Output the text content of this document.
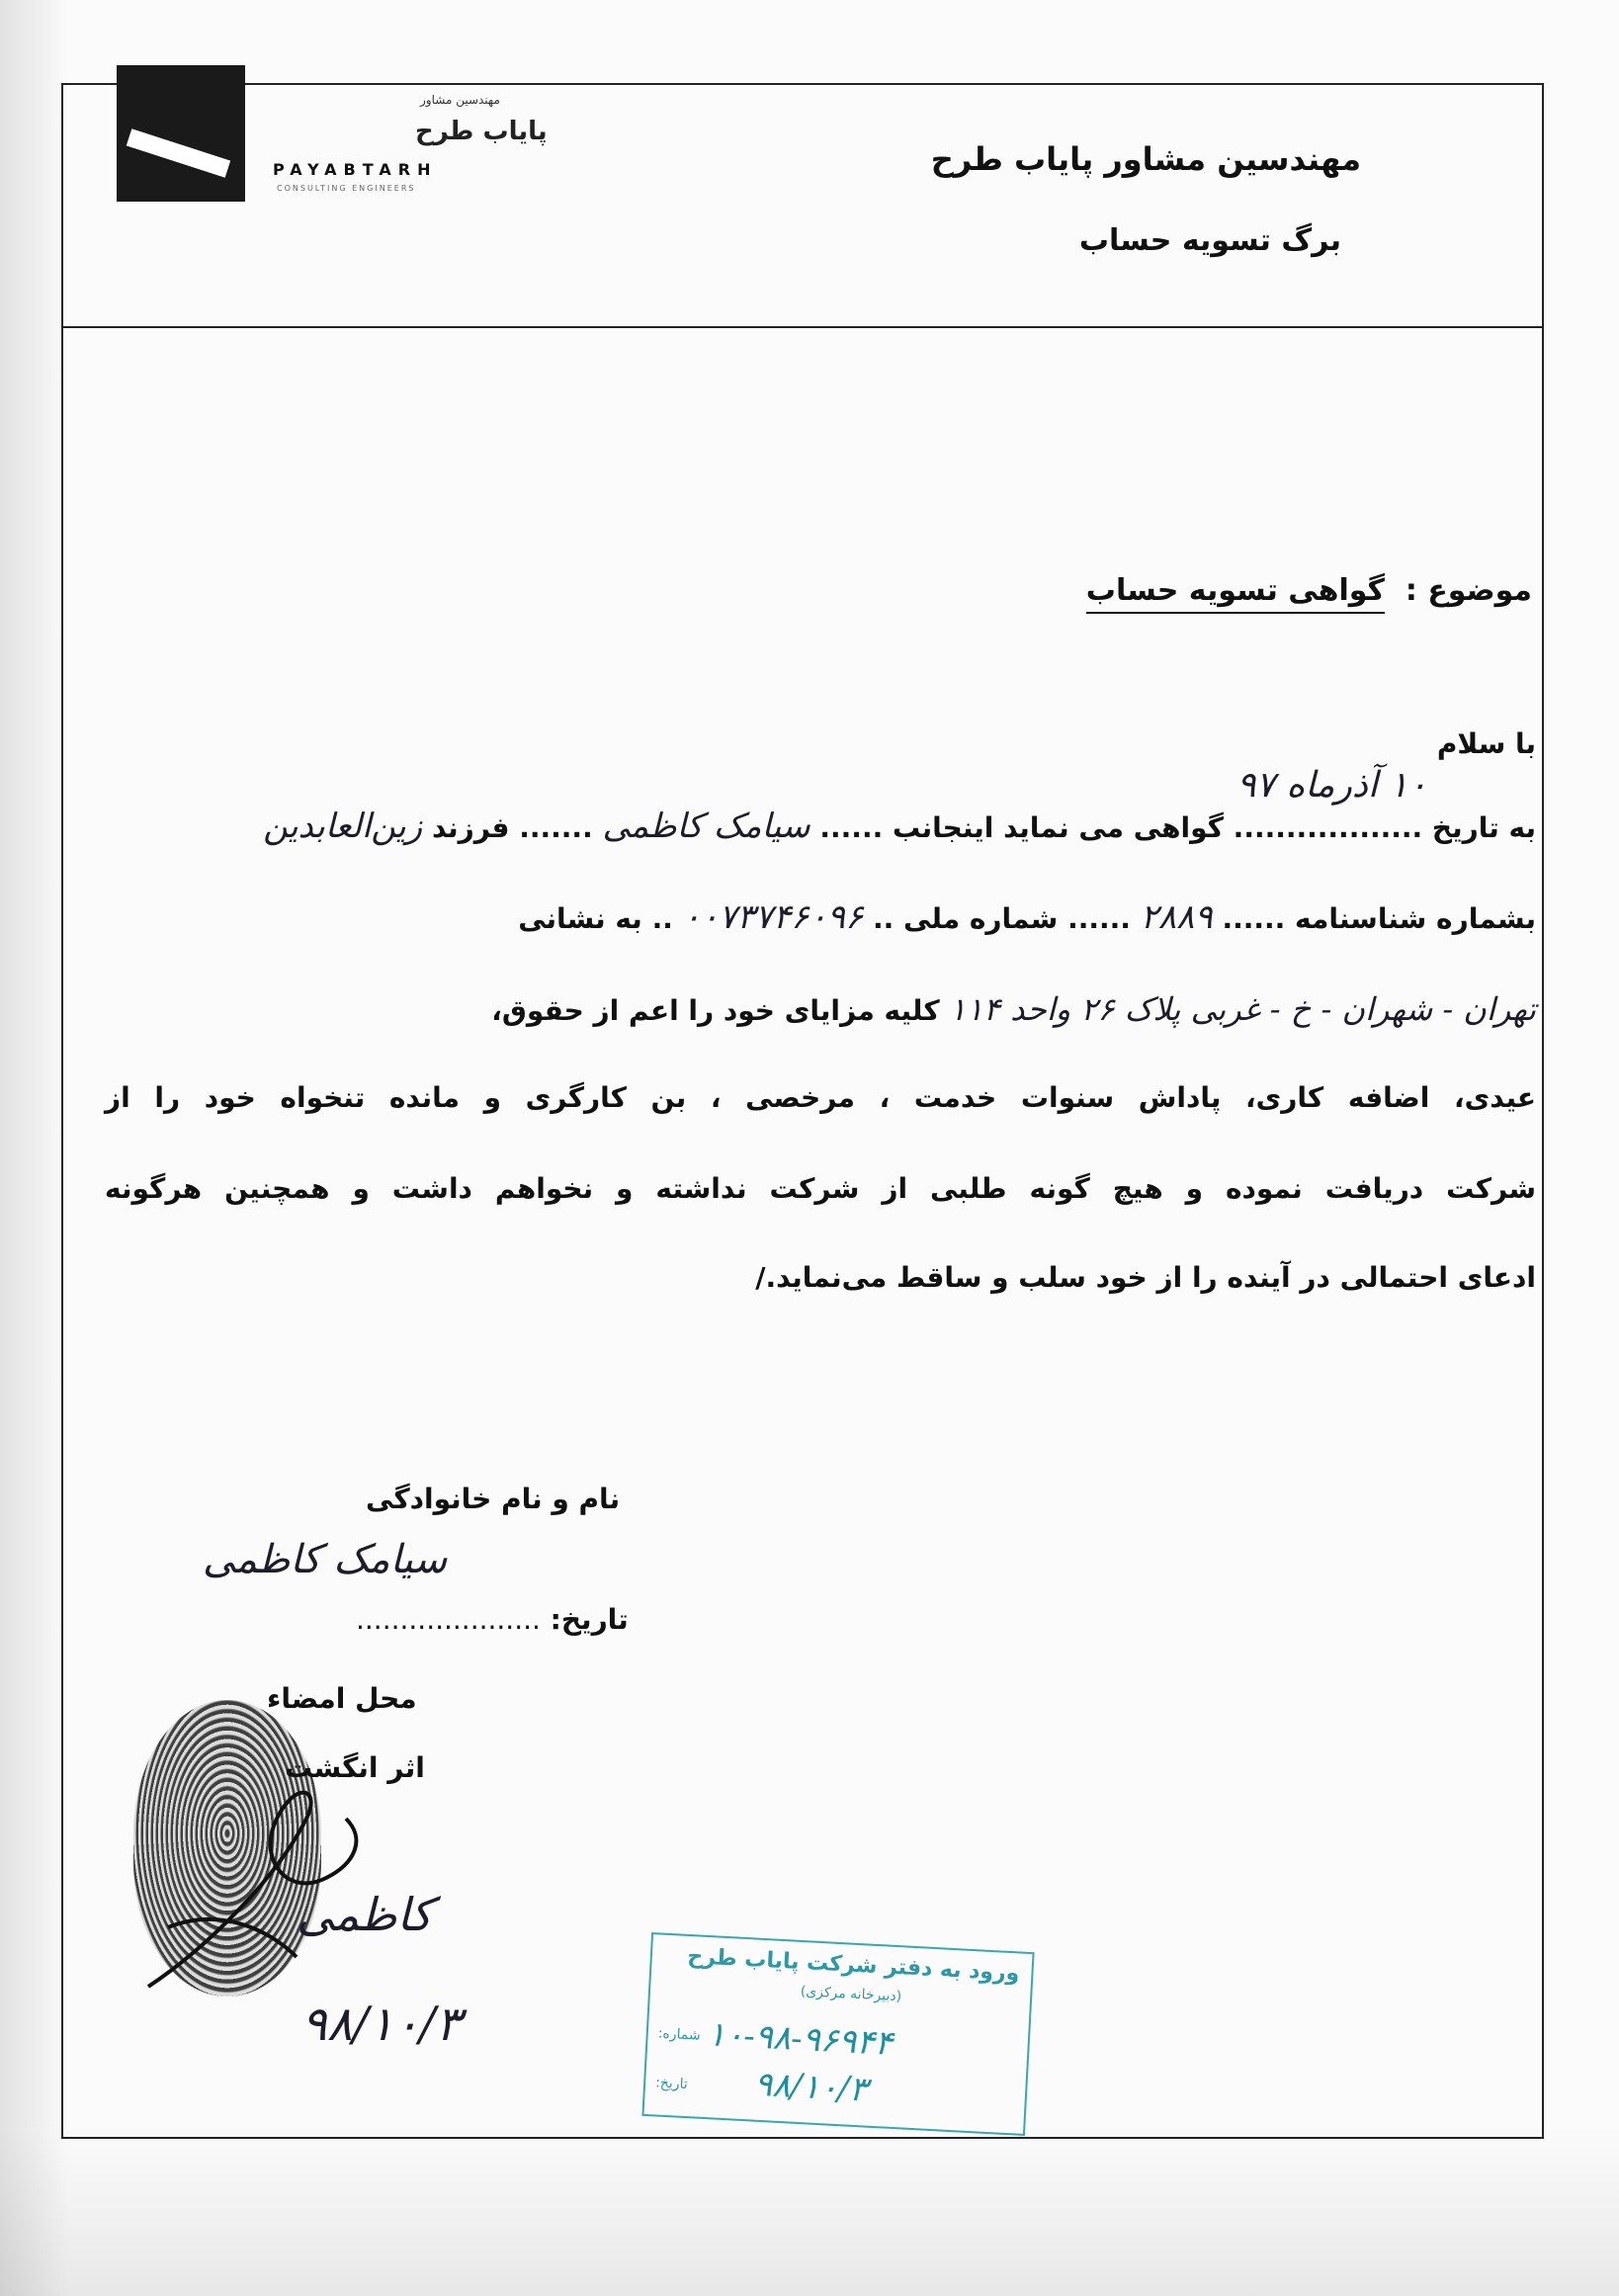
مهندسین مشاور پایاب طرح
برگ تسویه حساب
مهندسین مشاور
پایاب طرح
PAYABTARH
CONSULTING ENGINEERS
موضوع :
گواهی تسویه حساب
با سلام
به تاریخ ..................
۱۰ آذرماه ۹۷
گواهی می نماید اینجانب ...... سیامک کاظمی ....... فرزند زین‌العابدین
بشماره شناسنامه ...... ۲۸۸۹ ...... شماره ملی .. ۰۰۷۳۷۴۶۰۹۶ .. به نشانی
تهران - شهران - خ - غربی پلاک ۲۶ واحد ۱۱۴ کلیه مزایای خود را اعم از حقوق،
عیدی، اضافه کاری، پاداش سنوات خدمت ، مرخصی ، بن کارگری و مانده تنخواه خود را از
شرکت دریافت نموده و هیچ گونه طلبی از شرکت نداشته و نخواهم داشت و همچنین هرگونه
ادعای احتمالی در آینده را از خود سلب و ساقط می‌نماید./
نام و نام خانوادگی
سیامک کاظمی
تاریخ: .....................
محل امضاء
اثر انگشت
کاظمی
۹۸/۱۰/۳
ورود به دفتر شرکت پایاب طرح
(دبیرخانه مرکزی)
شماره: ۱۰-۹۸-۹۶۹۴۴
تاریخ: ۹۸/۱۰/۳
